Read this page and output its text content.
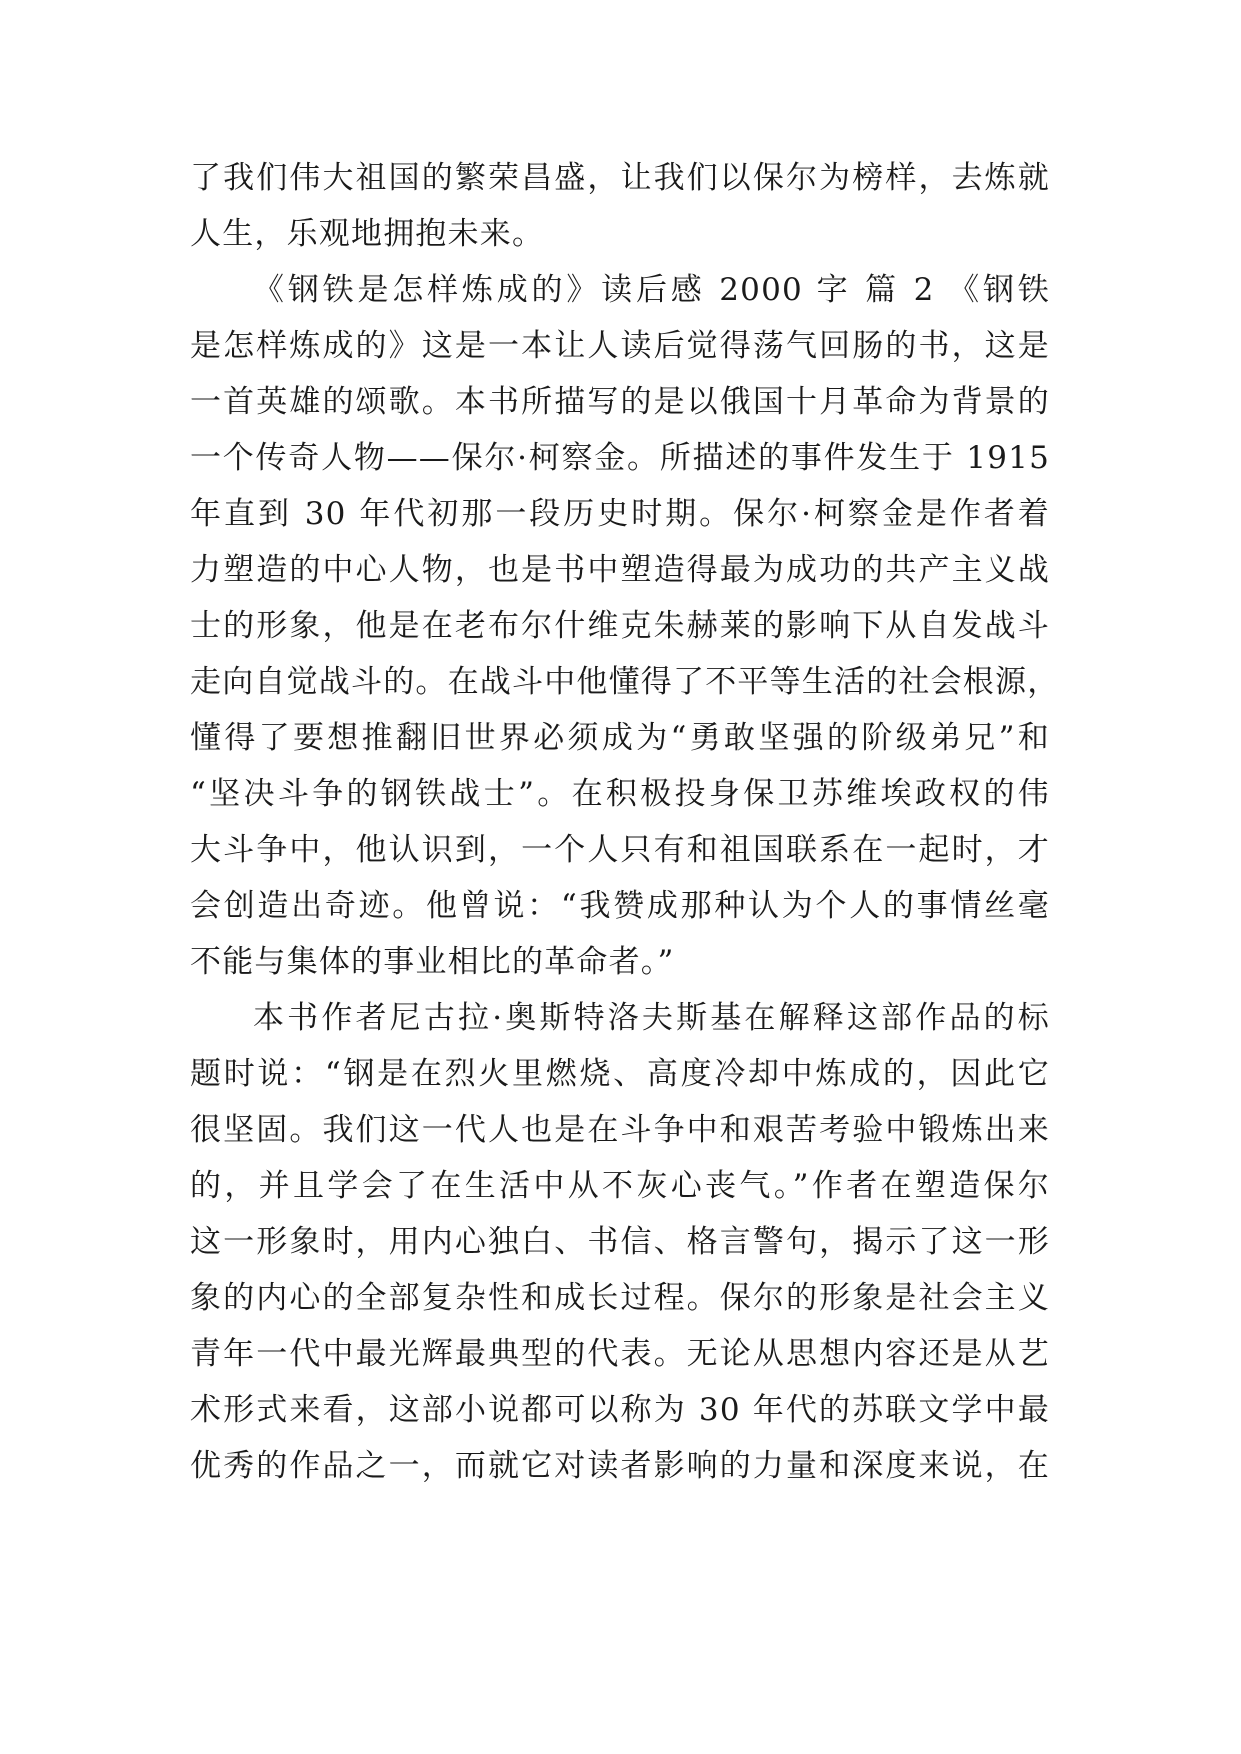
了我们伟大祖国的繁荣昌盛，让我们以保尔为榜样，去炼就
人生，乐观地拥抱未来。
《钢铁是怎样炼成的》读后感 2000 字 篇 2 《钢铁
是怎样炼成的》这是一本让人读后觉得荡气回肠的书，这是
一首英雄的颂歌。本书所描写的是以俄国十月革命为背景的
一个传奇人物——保尔·柯察金。所描述的事件发生于 1915
年直到 30 年代初那一段历史时期。保尔·柯察金是作者着
力塑造的中心人物，也是书中塑造得最为成功的共产主义战
士的形象，他是在老布尔什维克朱赫莱的影响下从自发战斗
走向自觉战斗的。在战斗中他懂得了不平等生活的社会根源，
懂得了要想推翻旧世界必须成为“勇敢坚强的阶级弟兄”和
“坚决斗争的钢铁战士”。在积极投身保卫苏维埃政权的伟
大斗争中，他认识到，一个人只有和祖国联系在一起时，才
会创造出奇迹。他曾说：“我赞成那种认为个人的事情丝毫
不能与集体的事业相比的革命者。”
本书作者尼古拉·奥斯特洛夫斯基在解释这部作品的标
题时说：“钢是在烈火里燃烧、高度冷却中炼成的，因此它
很坚固。我们这一代人也是在斗争中和艰苦考验中锻炼出来
的，并且学会了在生活中从不灰心丧气。”作者在塑造保尔
这一形象时，用内心独白、书信、格言警句，揭示了这一形
象的内心的全部复杂性和成长过程。保尔的形象是社会主义
青年一代中最光辉最典型的代表。无论从思想内容还是从艺
术形式来看，这部小说都可以称为 30 年代的苏联文学中最
优秀的作品之一，而就它对读者影响的力量和深度来说，在
